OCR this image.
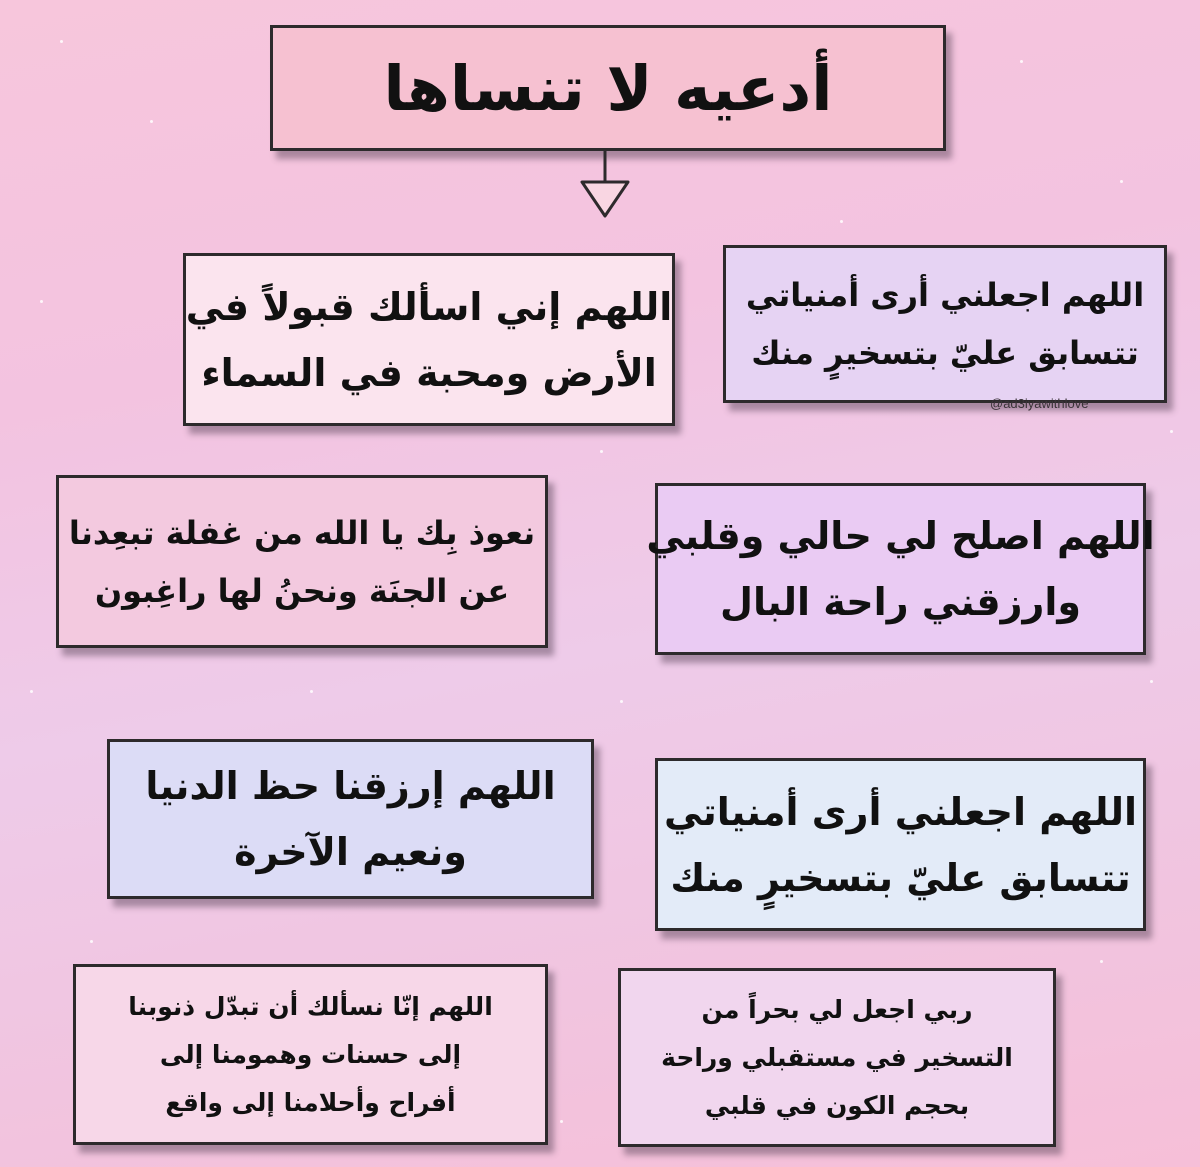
أدعيه لا تنساها
اللهم إني اسألك قبولاً في
الأرض ومحبة في السماء
اللهم اجعلني أرى أمنياتي
تتسابق عليّ بتسخيرٍ منك
@ad3iyawithlove
نعوذ بِك يا الله من غفلة تبعِدنا
عن الجنَة ونحنُ لها راغِبون
اللهم اصلح لي حالي وقلبي
وارزقني راحة البال
اللهم إرزقنا حظ الدنيا
ونعيم الآخرة
اللهم اجعلني أرى أمنياتي
تتسابق عليّ بتسخيرٍ منك
اللهم إنّا نسألك أن تبدّل ذنوبنا
إلى حسنات وهمومنا إلى
أفراح وأحلامنا إلى واقع
ربي اجعل لي بحراً من
التسخير في مستقبلي وراحة
بحجم الكون في قلبي
